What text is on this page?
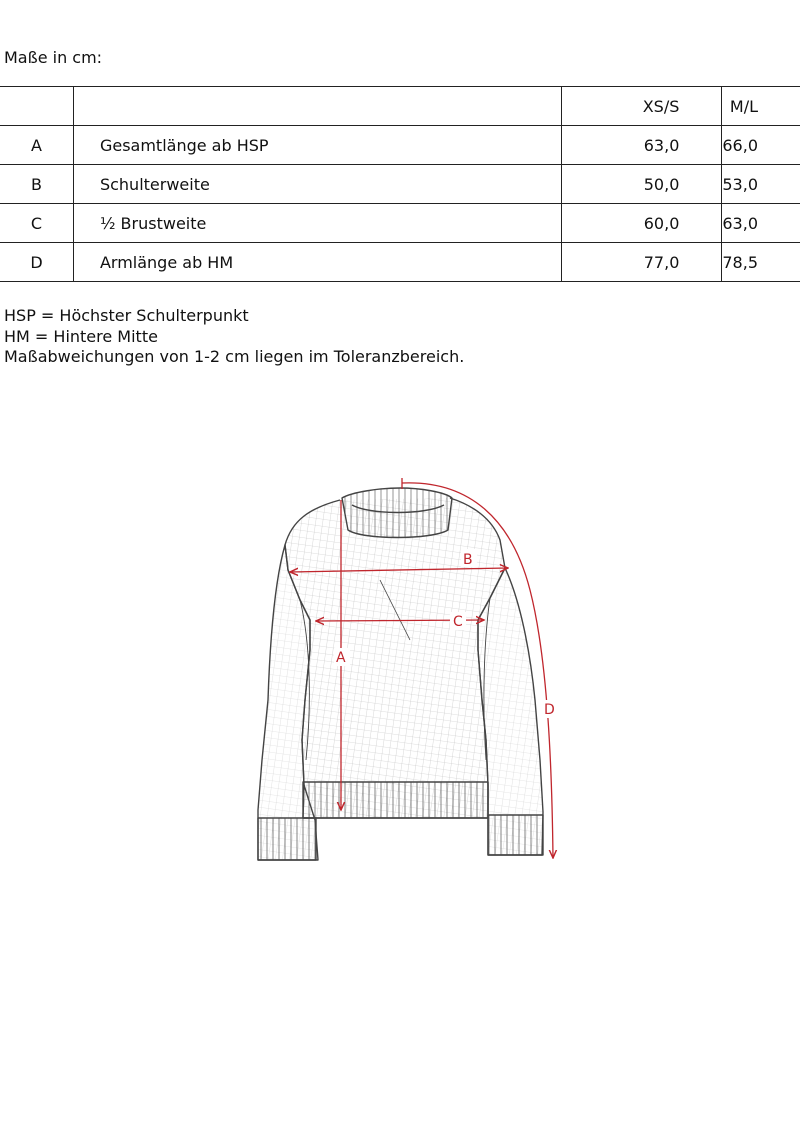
Maße in cm:
		XS/S	M/L
A	Gesamtlänge ab HSP	63,0	66,0
B	Schulterweite	50,0	53,0
C	½ Brustweite	60,0	63,0
D	Armlänge ab HM	77,0	78,5
HSP = Höchster Schulterpunkt
HM = Hintere Mitte
Maßabweichungen von 1-2 cm liegen im Toleranzbereich.
B
C
A
D
